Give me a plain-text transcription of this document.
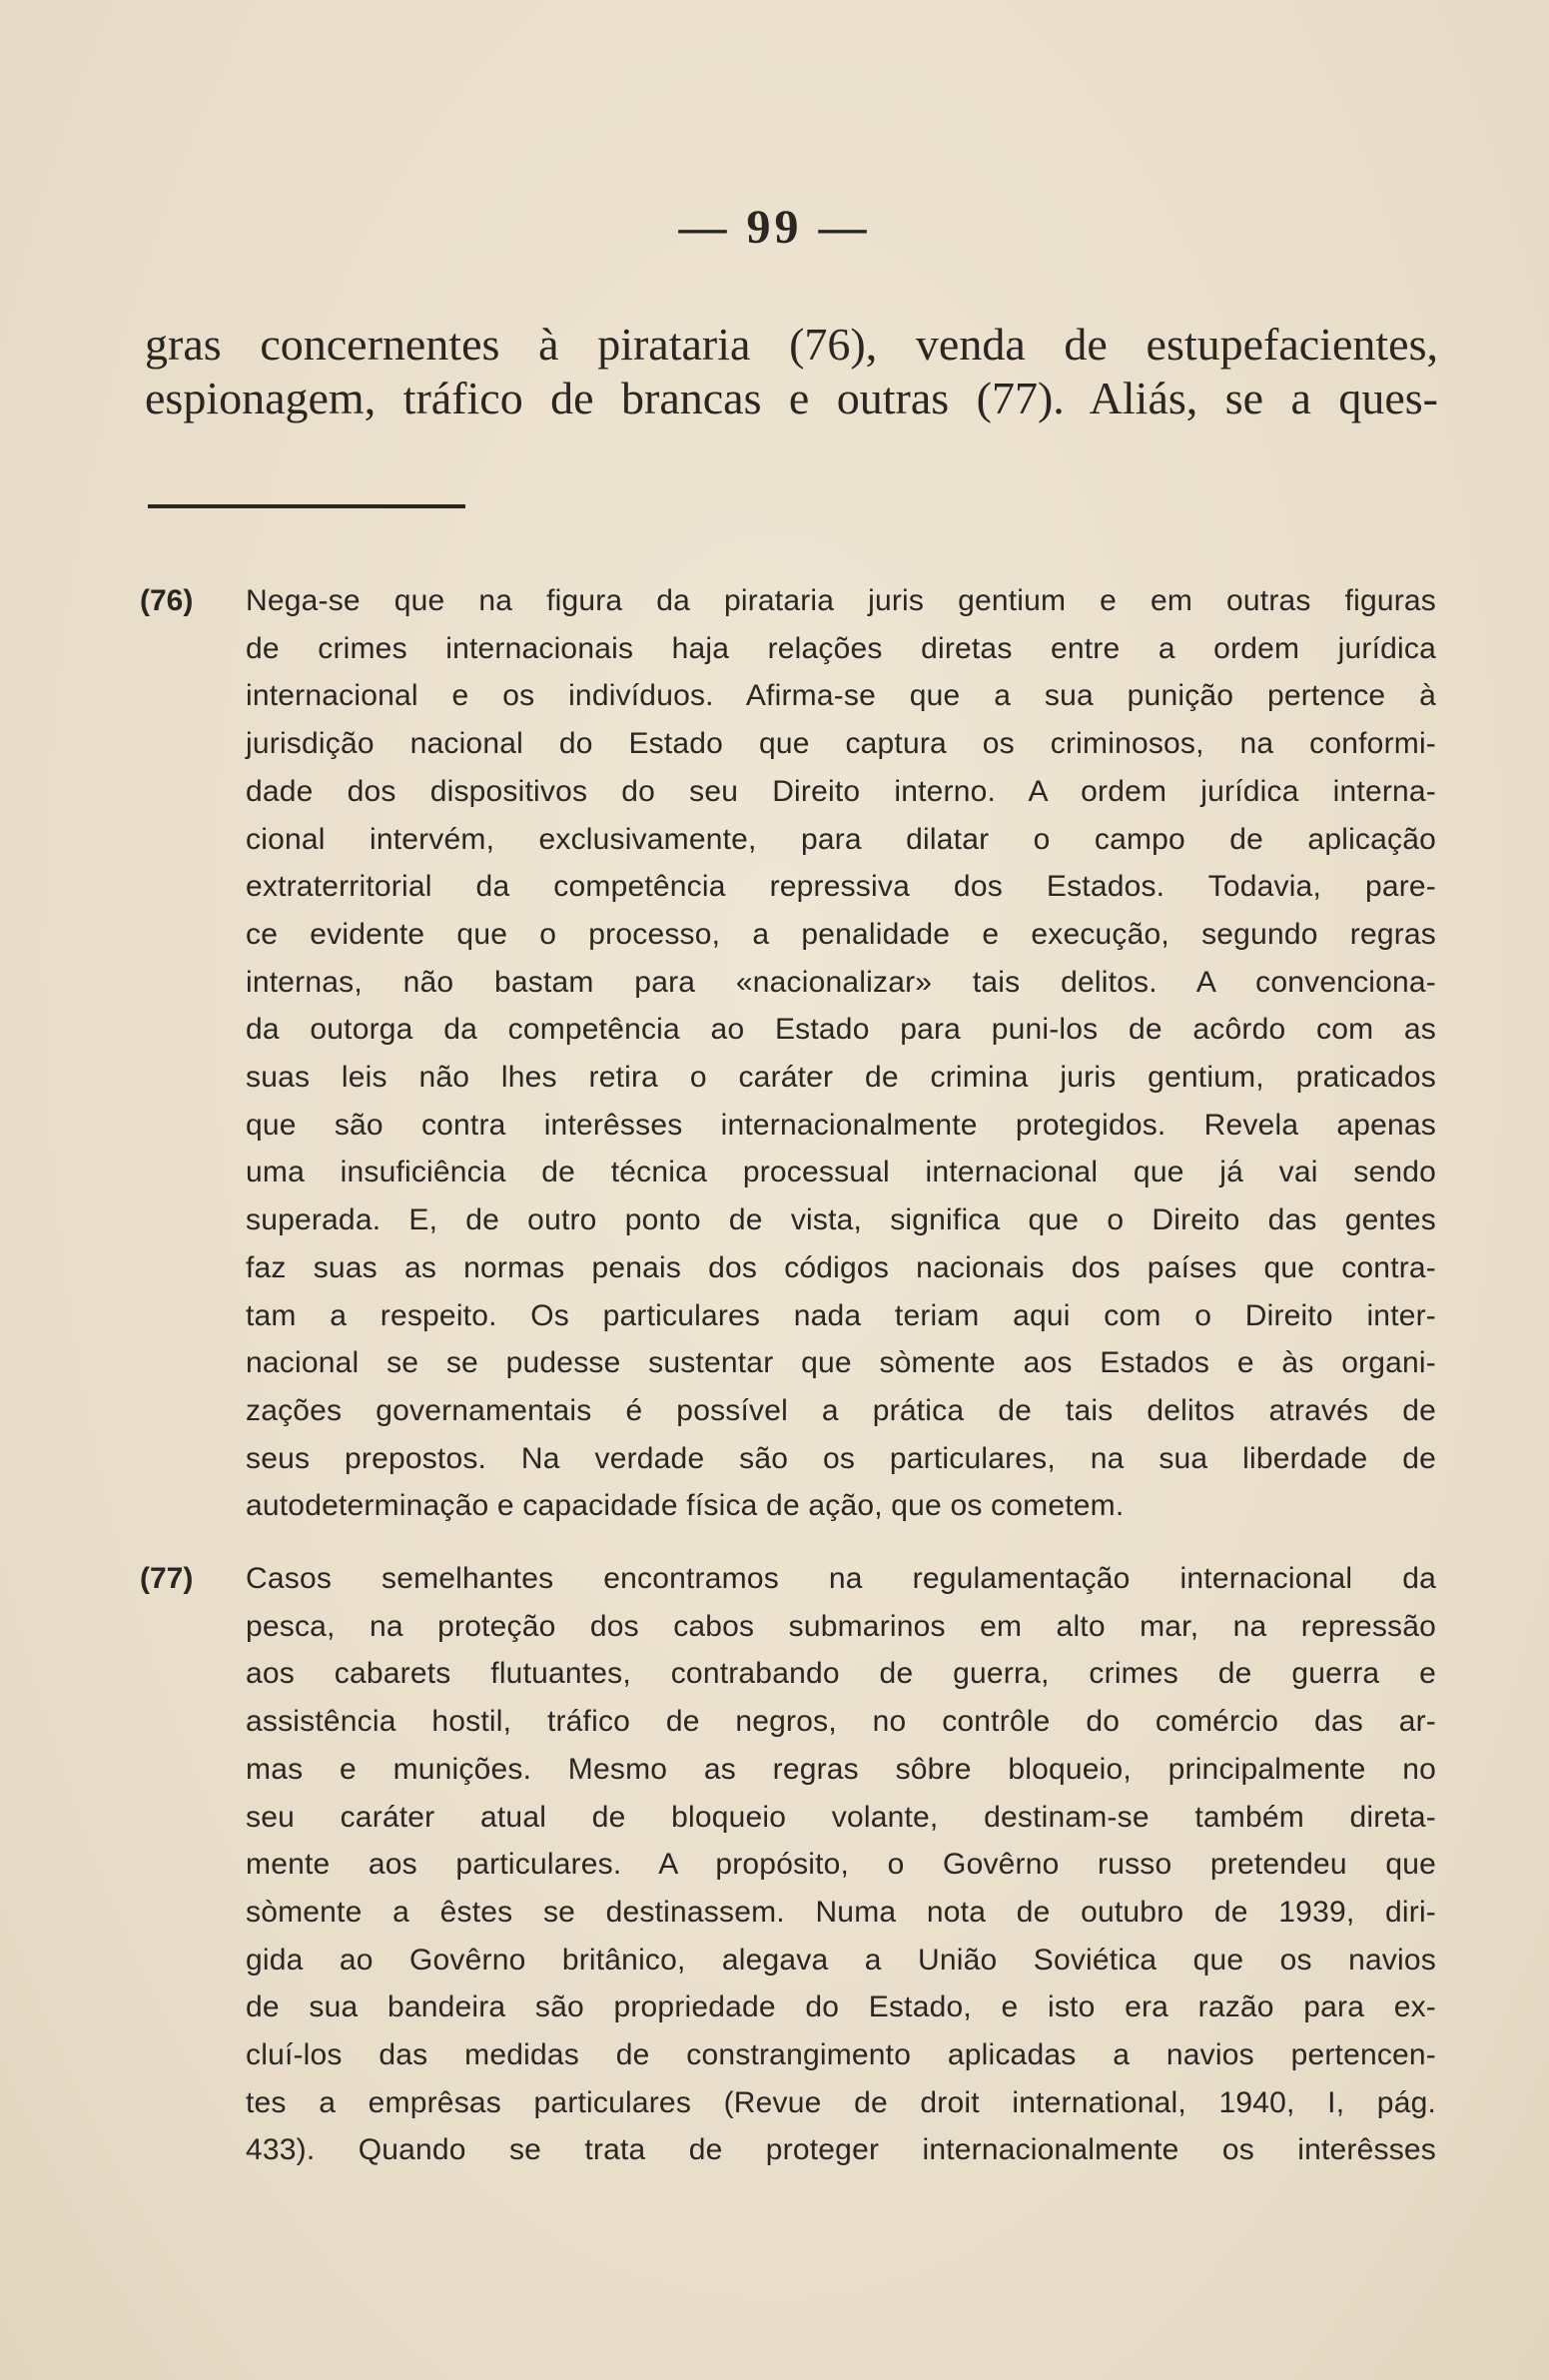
— 99 —
gras concernentes à pirataria (76), venda de estupefacientes,
espionagem, tráfico de brancas e outras (77). Aliás, se a ques-
(76) Nega-se que na figura da pirataria juris gentium e em outras figuras
de crimes internacionais haja relações diretas entre a ordem jurídica
internacional e os indivíduos. Afirma-se que a sua punição pertence à
jurisdição nacional do Estado que captura os criminosos, na conformi-
dade dos dispositivos do seu Direito interno. A ordem jurídica interna-
cional intervém, exclusivamente, para dilatar o campo de aplicação
extraterritorial da competência repressiva dos Estados. Todavia, pare-
ce evidente que o processo, a penalidade e execução, segundo regras
internas, não bastam para «nacionalizar» tais delitos. A convenciona-
da outorga da competência ao Estado para puni-los de acôrdo com as
suas leis não lhes retira o caráter de crimina juris gentium, praticados
que são contra interêsses internacionalmente protegidos. Revela apenas
uma insuficiência de técnica processual internacional que já vai sendo
superada. E, de outro ponto de vista, significa que o Direito das gentes
faz suas as normas penais dos códigos nacionais dos países que contra-
tam a respeito. Os particulares nada teriam aqui com o Direito inter-
nacional se se pudesse sustentar que sòmente aos Estados e às organi-
zações governamentais é possível a prática de tais delitos através de
seus prepostos. Na verdade são os particulares, na sua liberdade de
autodeterminação e capacidade física de ação, que os cometem.
(77) Casos semelhantes encontramos na regulamentação internacional da
pesca, na proteção dos cabos submarinos em alto mar, na repressão
aos cabarets flutuantes, contrabando de guerra, crimes de guerra e
assistência hostil, tráfico de negros, no contrôle do comércio das ar-
mas e munições. Mesmo as regras sôbre bloqueio, principalmente no
seu caráter atual de bloqueio volante, destinam-se também direta-
mente aos particulares. A propósito, o Govêrno russo pretendeu que
sòmente a êstes se destinassem. Numa nota de outubro de 1939, diri-
gida ao Govêrno britânico, alegava a União Soviética que os navios
de sua bandeira são propriedade do Estado, e isto era razão para ex-
cluí-los das medidas de constrangimento aplicadas a navios pertencen-
tes a emprêsas particulares (Revue de droit international, 1940, I, pág.
433). Quando se trata de proteger internacionalmente os interêsses
